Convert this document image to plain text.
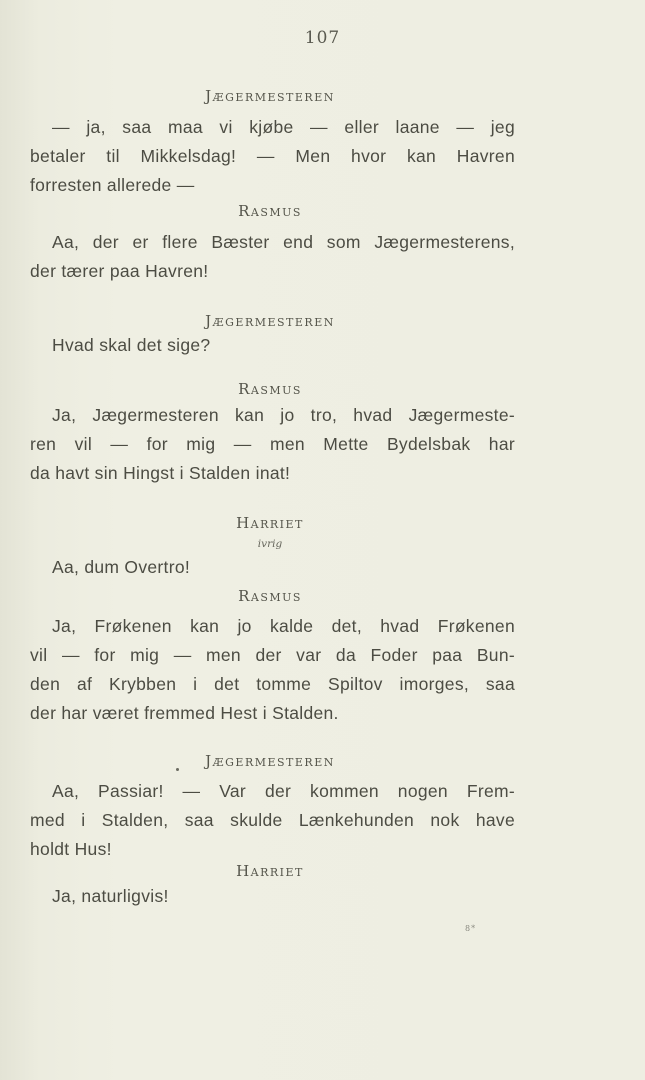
107
Jægermesteren
— ja, saa maa vi kjøbe — eller laane — jeg
betaler til Mikkelsdag! — Men hvor kan Havren
forresten allerede —
Rasmus
Aa, der er flere Bæster end som Jægermesterens,
der tærer paa Havren!
Jægermesteren
Hvad skal det sige?
Rasmus
Ja, Jægermesteren kan jo tro, hvad Jægermeste-
ren vil — for mig — men Mette Bydelsbak har
da havt sin Hingst i Stalden inat!
Harriet
ivrig
Aa, dum Overtro!
Rasmus
Ja, Frøkenen kan jo kalde det, hvad Frøkenen
vil — for mig — men der var da Foder paa Bun-
den af Krybben i det tomme Spiltov imorges, saa
der har været fremmed Hest i Stalden.
Jægermesteren
Aa, Passiar! — Var der kommen nogen Frem-
med i Stalden, saa skulde Lænkehunden nok have
holdt Hus!
Harriet
Ja, naturligvis!
8*
